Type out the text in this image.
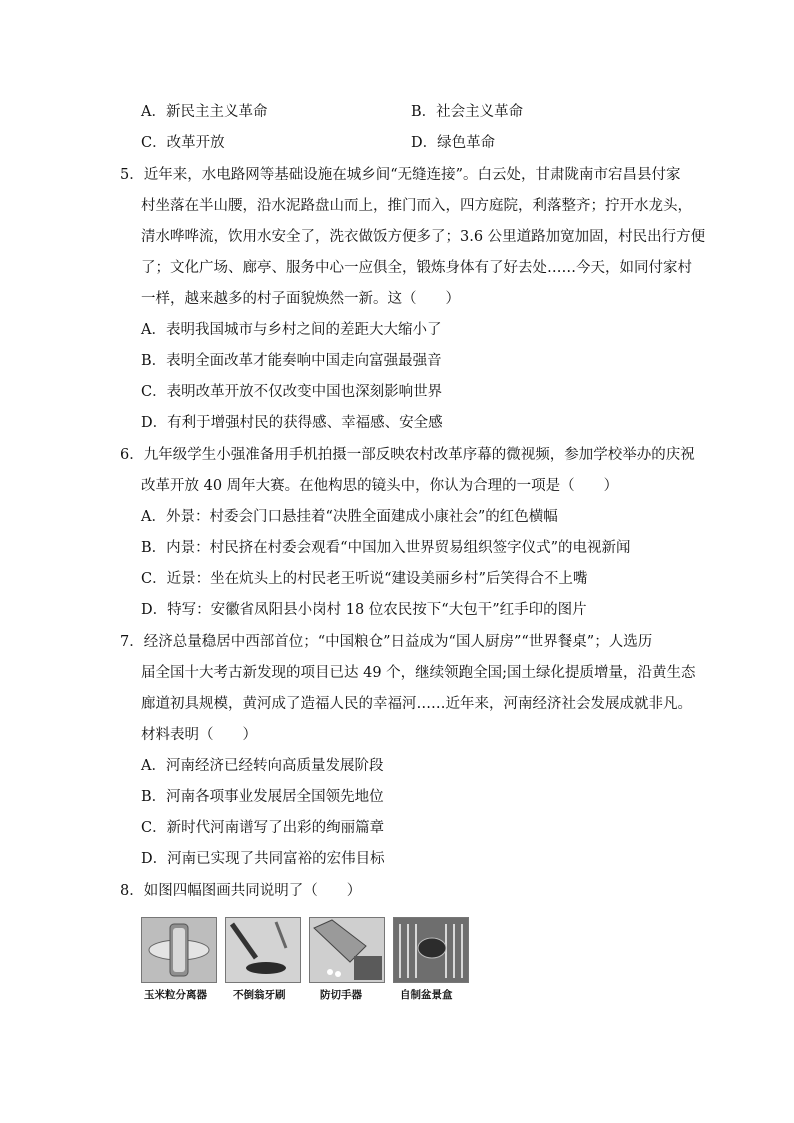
A．新民主主义革命	B．社会主义革命
C．改革开放	D．绿色革命
5．近年来，水电路网等基础设施在城乡间“无缝连接”。白云处，甘肃陇南市宕昌县付家
村坐落在半山腰，沿水泥路盘山而上，推门而入，四方庭院，利落整齐；拧开水龙头，
清水哗哗流，饮用水安全了，洗衣做饭方便多了；3.6 公里道路加宽加固，村民出行方便
了；文化广场、廊亭、服务中心一应俱全，锻炼身体有了好去处……今天，如同付家村
一样，越来越多的村子面貌焕然一新。这（　　）
A．表明我国城市与乡村之间的差距大大缩小了
B．表明全面改革才能奏响中国走向富强最强音
C．表明改革开放不仅改变中国也深刻影响世界
D．有利于增强村民的获得感、幸福感、安全感
6．九年级学生小强准备用手机拍摄一部反映农村改革序幕的微视频，参加学校举办的庆祝
改革开放 40 周年大赛。在他构思的镜头中，你认为合理的一项是（　　）
A．外景：村委会门口悬挂着“决胜全面建成小康社会”的红色横幅
B．内景：村民挤在村委会观看“中国加入世界贸易组织签字仪式”的电视新闻
C．近景：坐在炕头上的村民老王听说“建设美丽乡村”后笑得合不上嘴
D．特写：安徽省凤阳县小岗村 18 位农民按下“大包干”红手印的图片
7．经济总量稳居中西部首位；“中国粮仓”日益成为“国人厨房”“世界餐桌”；人选历
届全国十大考古新发现的项目已达 49 个，继续领跑全国;国土绿化提质增量，沿黄生态
廊道初具规模，黄河成了造福人民的幸福河……近年来，河南经济社会发展成就非凡。
材料表明（　　）
A．河南经济已经转向高质量发展阶段
B．河南各项事业发展居全国领先地位
C．新时代河南谱写了出彩的绚丽篇章
D．河南已实现了共同富裕的宏伟目标
8．如图四幅图画共同说明了（　　）
玉米粒分离器 不倒翁牙刷	防切手器	自制盆景盒
